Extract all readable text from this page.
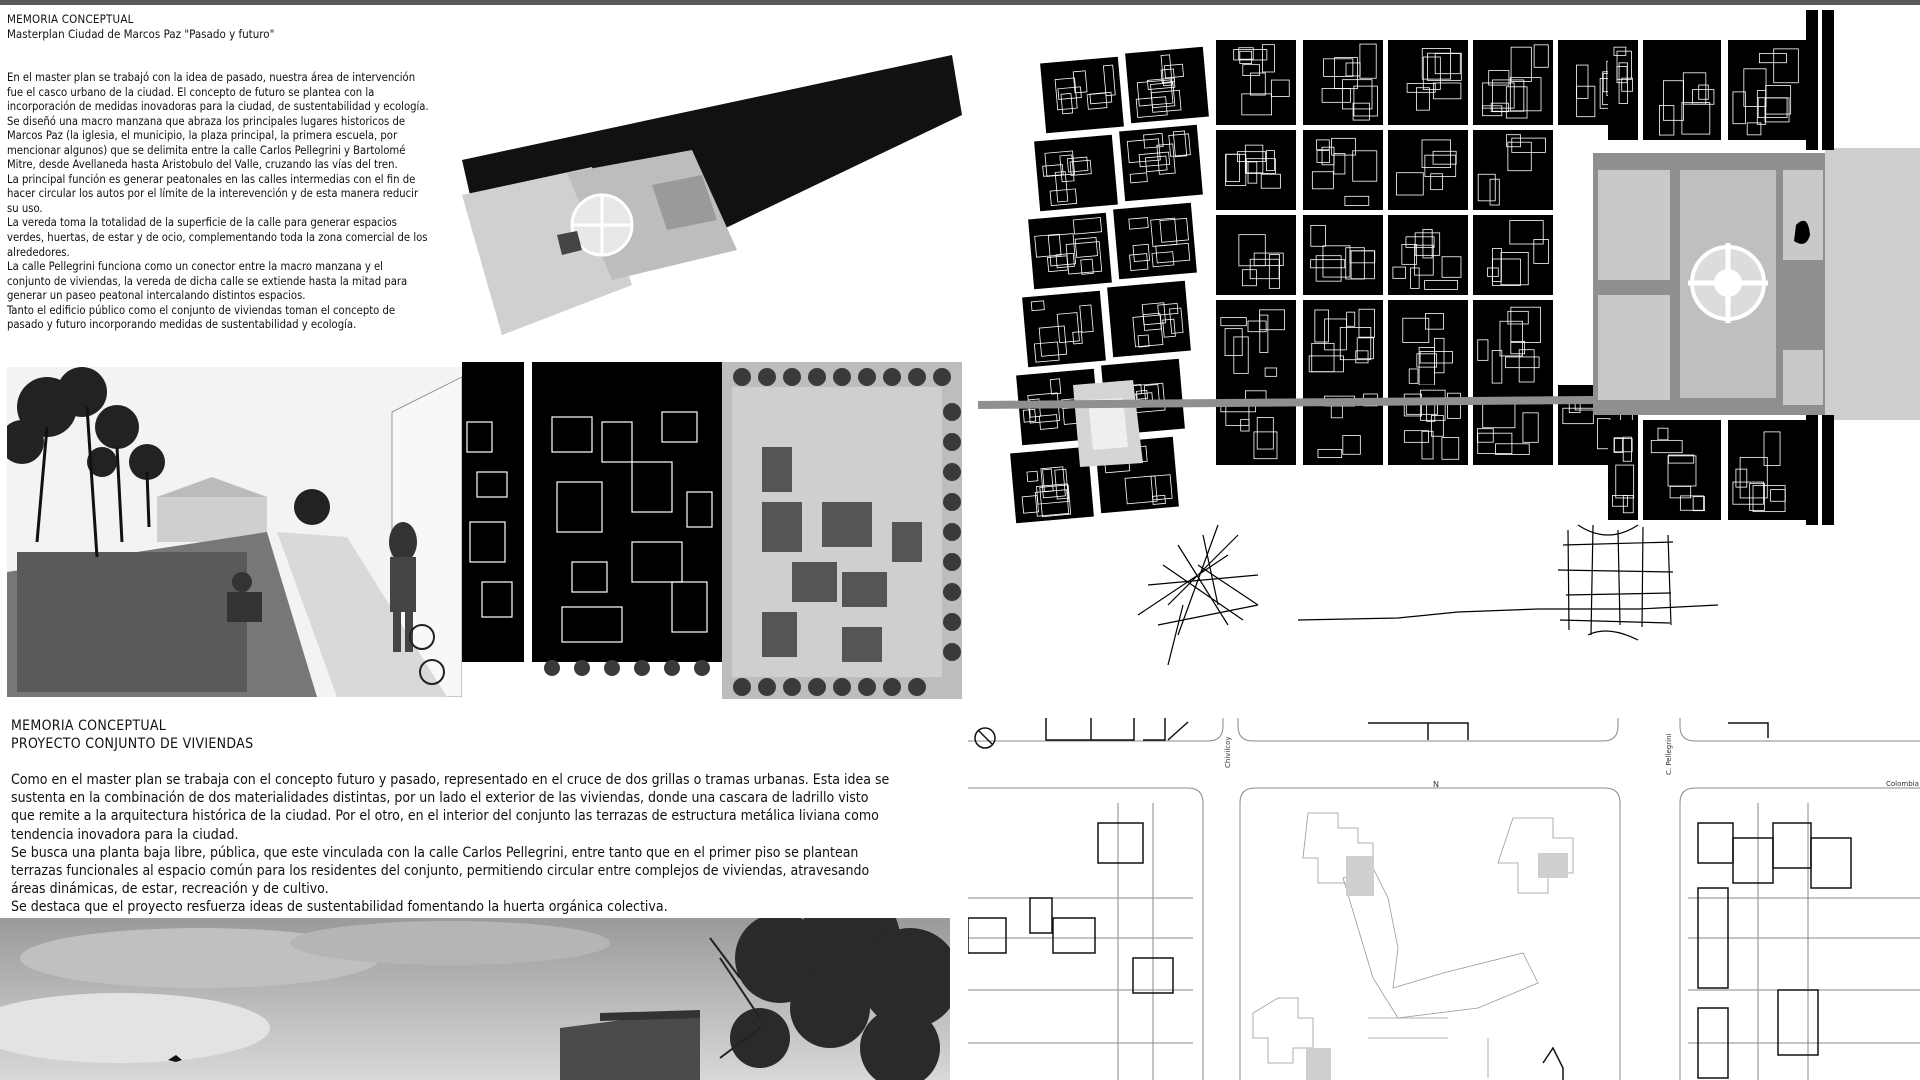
MEMORIA CONCEPTUAL
Masterplan Ciudad de Marcos Paz "Pasado y futuro"
En el master plan se trabajó con la idea de pasado, nuestra área de intervención
fue el casco urbano de la ciudad. El concepto de futuro se plantea con la
incorporación de medidas inovadoras para la ciudad, de sustentabilidad y ecología.
Se diseñó una macro manzana que abraza los principales lugares historicos de
Marcos Paz (la iglesia, el municipio, la plaza principal, la primera escuela, por
mencionar algunos) que se delimita entre la calle Carlos Pellegrini y Bartolomé
Mitre, desde Avellaneda hasta Aristobulo del Valle, cruzando las vías del tren.
La principal función es generar peatonales en las calles intermedias con el fin de
hacer circular los autos por el límite de la interevención y de esta manera reducir
su uso.
La vereda toma la totalidad de la superficie de la calle para generar espacios
verdes, huertas, de estar y de ocio, complementando toda la zona comercial de los
alrededores.
La calle Pellegrini funciona como un conector entre la macro manzana y el
conjunto de viviendas, la vereda de dicha calle se extiende hasta la mitad para
generar un paseo peatonal intercalando distintos espacios.
Tanto el edificio público como el conjunto de viviendas toman el concepto de
pasado y futuro incorporando medidas de sustentabilidad y ecología.
MEMORIA CONCEPTUAL
PROYECTO CONJUNTO DE VIVIENDAS
Como en el master plan se trabaja con el concepto futuro y pasado, representado en el cruce de dos grillas o tramas urbanas. Esta idea se
sustenta en la combinación de dos materialidades distintas, por un lado el exterior de las viviendas, donde una cascara de ladrillo visto
que remite a la arquitectura histórica de la ciudad. Por el otro, en el interior del conjunto las terrazas de estructura metálica liviana como
tendencia inovadora para la ciudad.
Se busca una planta baja libre, pública, que este vinculada con la calle Carlos Pellegrini, entre tanto que en el primer piso se plantean
terrazas funcionales al espacio común para los residentes del conjunto, permitiendo circular entre complejos de viviendas, atravesando
áreas dinámicas, de estar, recreación y de cultivo.
Se destaca que el proyecto resfuerza ideas de sustentabilidad fomentando la huerta orgánica colectiva.
Chivilcoy	C. Pellegrini
Colombia
N
